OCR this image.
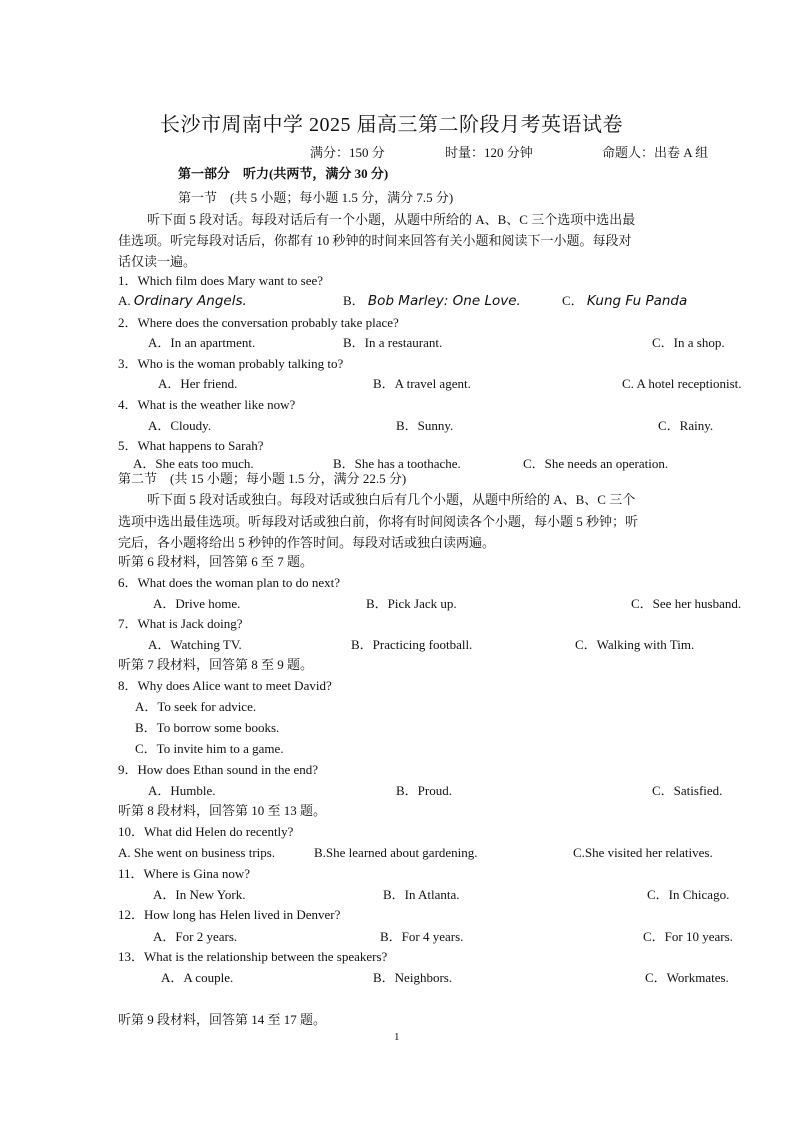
长沙市周南中学 2025 届高三第二阶段月考英语试卷
满分：150 分	时量：120 分钟	命题人：出卷 A 组
第一部分　听力(共两节，满分 30 分)
第一节　(共 5 小题；每小题 1.5 分，满分 7.5 分)
听下面 5 段对话。每段对话后有一个小题，从题中所给的 A、B、C 三个选项中选出最
佳选项。听完每段对话后，你都有 10 秒钟的时间来回答有关小题和阅读下一小题。每段对
话仅读一遍。
1．Which film does Mary want to see?
A. Ordinary Angels.	B． Bob Marley: One Love.	C． Kung Fu Panda
2．Where does the conversation probably take place?
A．In an apartment.	B．In a restaurant.	C．In a shop.
3．Who is the woman probably talking to?
A．Her friend.	B．A travel agent.	C. A hotel receptionist.
4．What is the weather like now?
A．Cloudy.	B．Sunny.	C．Rainy.
5．What happens to Sarah?
A．She eats too much.	B．She has a toothache.	C．She needs an operation.
第二节　(共 15 小题；每小题 1.5 分，满分 22.5 分)
听下面 5 段对话或独白。每段对话或独白后有几个小题，从题中所给的 A、B、C 三个
选项中选出最佳选项。听每段对话或独白前，你将有时间阅读各个小题，每小题 5 秒钟；听
完后，各小题将给出 5 秒钟的作答时间。每段对话或独白读两遍。
听第 6 段材料，回答第 6 至 7 题。
6．What does the woman plan to do next?
A．Drive home.	B．Pick Jack up.	C．See her husband.
7．What is Jack doing?
A．Watching TV.	B．Practicing football.	C．Walking with Tim.
听第 7 段材料，回答第 8 至 9 题。
8．Why does Alice want to meet David?
A．To seek for advice.
B．To borrow some books.
C．To invite him to a game.
9．How does Ethan sound in the end?
A．Humble.	B．Proud.	C．Satisfied.
听第 8 段材料，回答第 10 至 13 题。
10．What did Helen do recently?
A. She went on business trips.	B.She learned about gardening.	C.She visited her relatives.
11．Where is Gina now?
A．In New York.	B．In Atlanta.	C．In Chicago.
12．How long has Helen lived in Denver?
A．For 2 years.	B．For 4 years.	C．For 10 years.
13．What is the relationship between the speakers?
A．A couple.	B．Neighbors.	C．Workmates.
听第 9 段材料，回答第 14 至 17 题。
1
